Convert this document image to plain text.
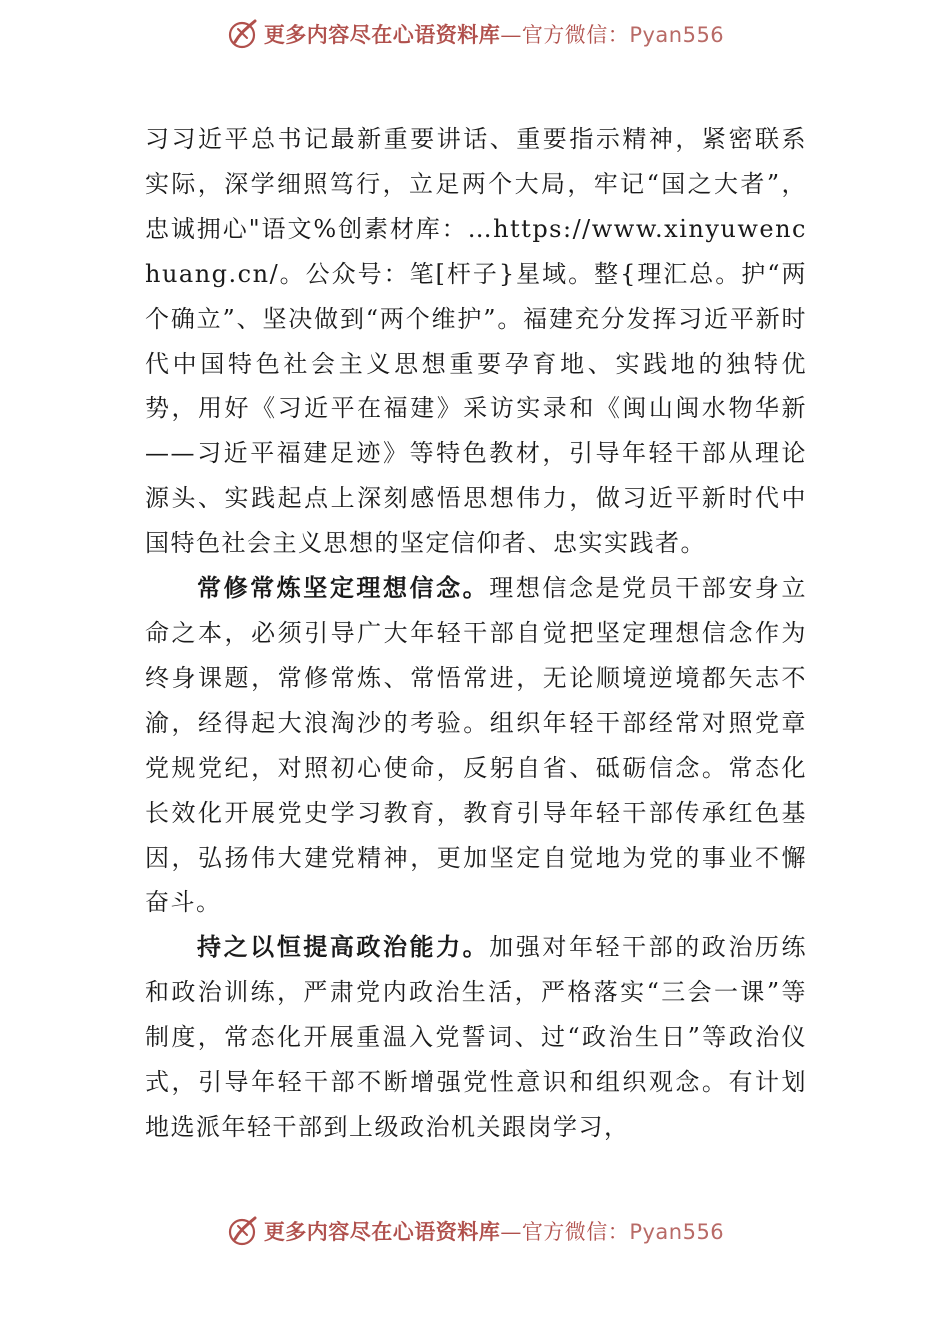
更多内容尽在心语资料库—官方微信：Pyan556

习习近平总书记最新重要讲话、重要指示精神，紧密联系实际，深学细照笃行，立足两个大局，牢记“国之大者”，忠诚拥心"语文%创素材库：…https://www.xinyuwenchuang.cn/。公众号：笔[杆子}星域。整{理汇总。护“两个确立”、坚决做到“两个维护”。福建充分发挥习近平新时代中国特色社会主义思想重要孕育地、实践地的独特优势，用好《习近平在福建》采访实录和《闽山闽水物华新——习近平福建足迹》等特色教材，引导年轻干部从理论源头、实践起点上深刻感悟思想伟力，做习近平新时代中国特色社会主义思想的坚定信仰者、忠实实践者。

常修常炼坚定理想信念。理想信念是党员干部安身立命之本，必须引导广大年轻干部自觉把坚定理想信念作为终身课题，常修常炼、常悟常进，无论顺境逆境都矢志不渝，经得起大浪淘沙的考验。组织年轻干部经常对照党章党规党纪，对照初心使命，反躬自省、砥砺信念。常态化长效化开展党史学习教育，教育引导年轻干部传承红色基因，弘扬伟大建党精神，更加坚定自觉地为党的事业不懈奋斗。

持之以恒提高政治能力。加强对年轻干部的政治历练和政治训练，严肃党内政治生活，严格落实“三会一课”等制度，常态化开展重温入党誓词、过“政治生日”等政治仪式，引导年轻干部不断增强党性意识和组织观念。有计划地选派年轻干部到上级政治机关跟岗学习，

更多内容尽在心语资料库—官方微信：Pyan556
